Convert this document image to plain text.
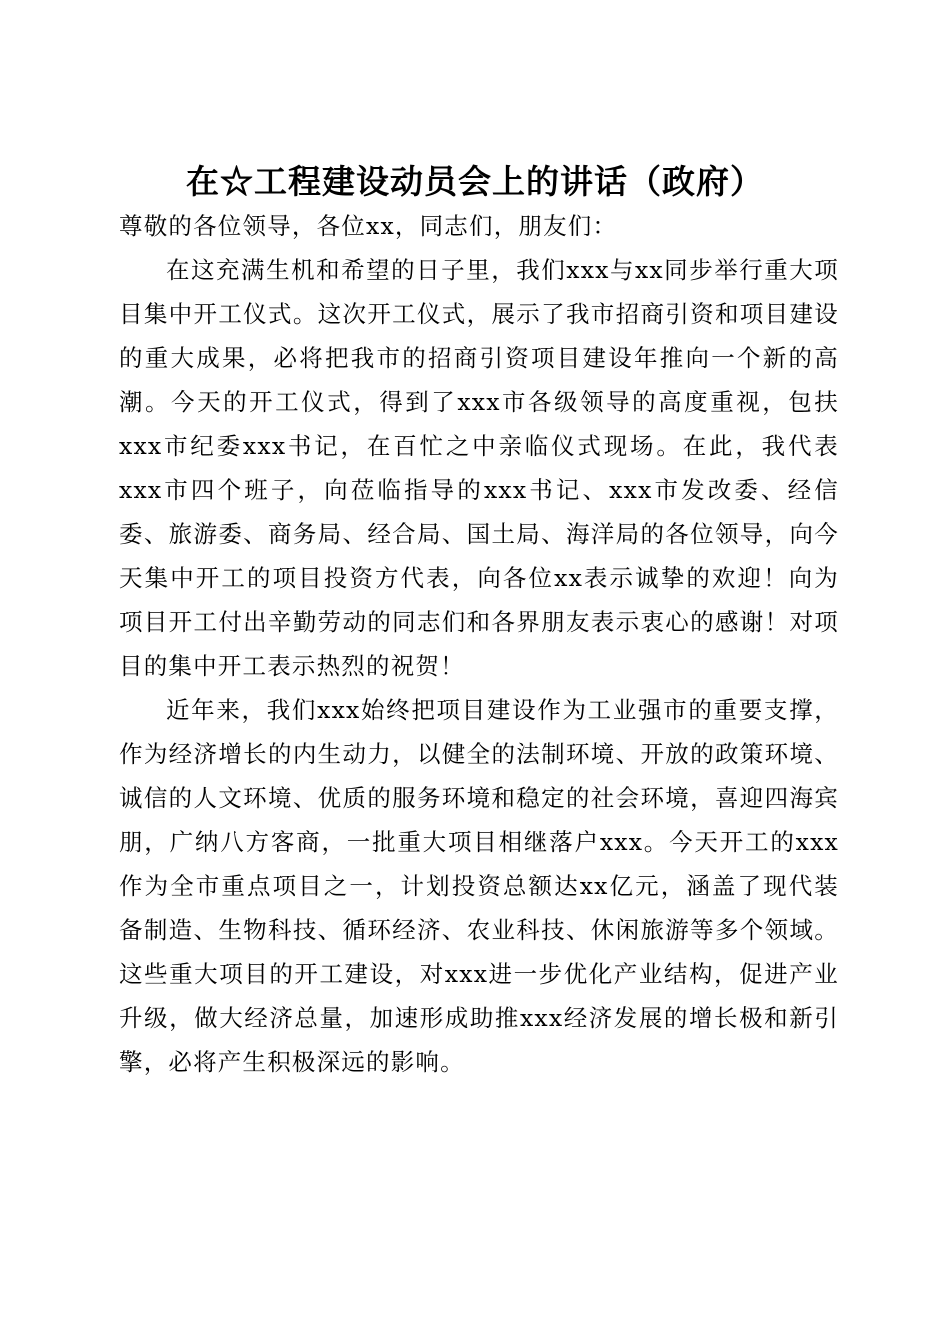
在☆工程建设动员会上的讲话（政府）

尊敬的各位领导，各位xx，同志们，朋友们：

在这充满生机和希望的日子里，我们xxx与xx同步举行重大项目集中开工仪式。这次开工仪式，展示了我市招商引资和项目建设的重大成果，必将把我市的招商引资项目建设年推向一个新的高潮。今天的开工仪式，得到了xxx市各级领导的高度重视，包扶xxx市纪委xxx书记，在百忙之中亲临仪式现场。在此，我代表xxx市四个班子，向莅临指导的xxx书记、xxx市发改委、经信委、旅游委、商务局、经合局、国土局、海洋局的各位领导，向今天集中开工的项目投资方代表，向各位xx表示诚挚的欢迎！向为项目开工付出辛勤劳动的同志们和各界朋友表示衷心的感谢！对项目的集中开工表示热烈的祝贺！

近年来，我们xxx始终把项目建设作为工业强市的重要支撑，作为经济增长的内生动力，以健全的法制环境、开放的政策环境、诚信的人文环境、优质的服务环境和稳定的社会环境，喜迎四海宾朋，广纳八方客商，一批重大项目相继落户xxx。今天开工的xxx作为全市重点项目之一，计划投资总额达xx亿元，涵盖了现代装备制造、生物科技、循环经济、农业科技、休闲旅游等多个领域。这些重大项目的开工建设，对xxx进一步优化产业结构，促进产业升级，做大经济总量，加速形成助推xxx经济发展的增长极和新引擎，必将产生积极深远的影响。
